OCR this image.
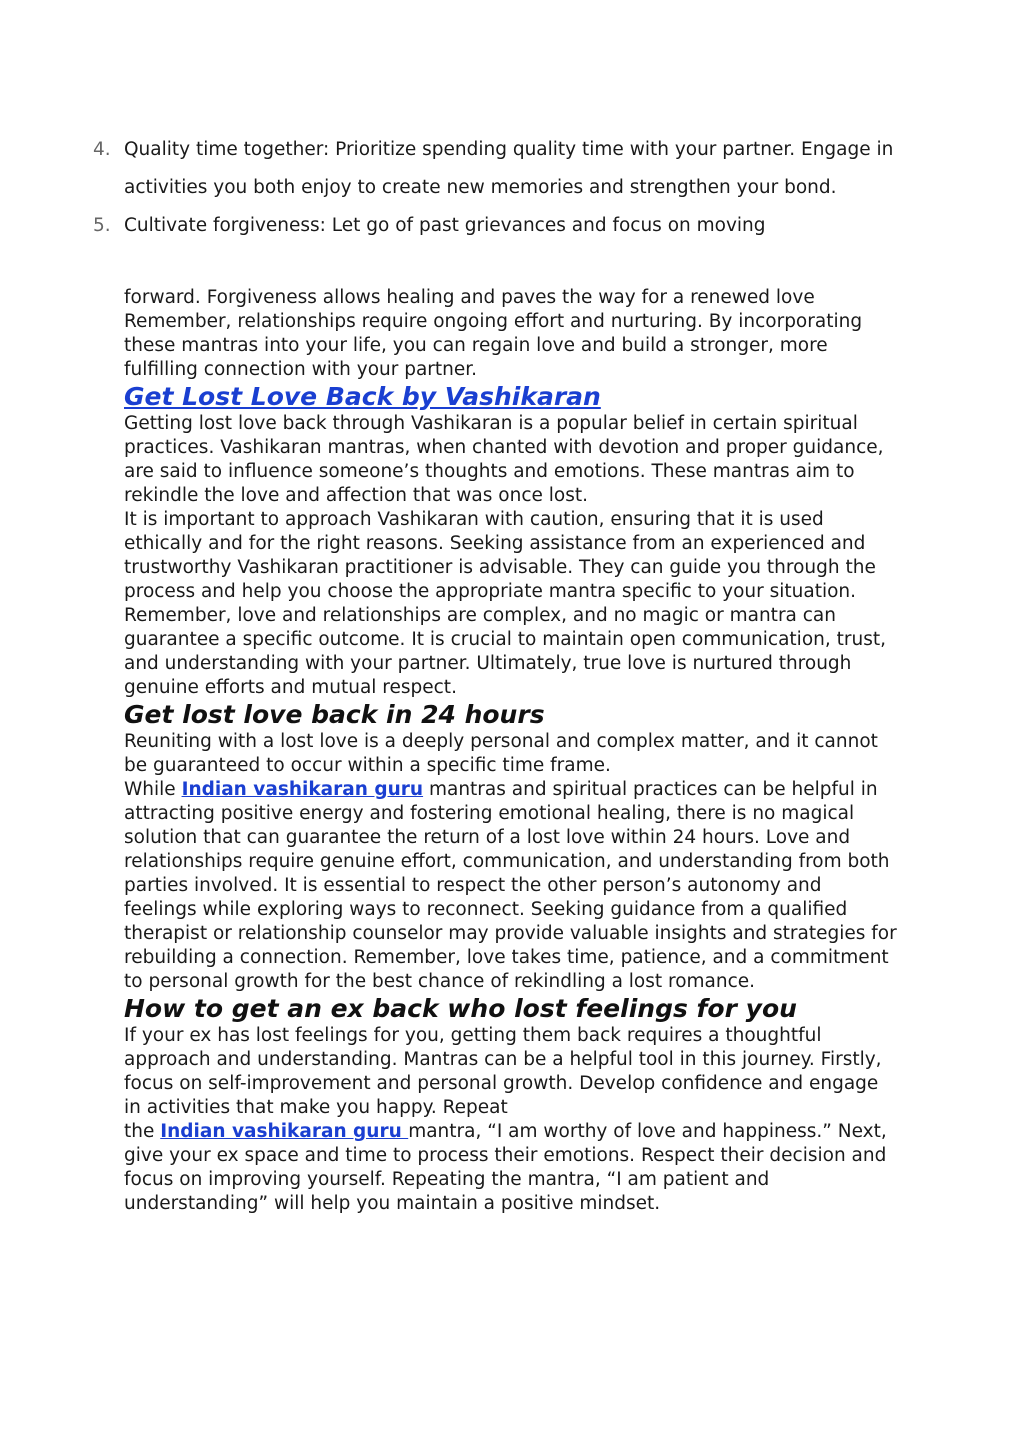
4. Quality time together: Prioritize spending quality time with your partner. Engage in activities you both enjoy to create new memories and strengthen your bond.
5. Cultivate forgiveness: Let go of past grievances and focus on moving

forward. Forgiveness allows healing and paves the way for a renewed love Remember, relationships require ongoing effort and nurturing. By incorporating these mantras into your life, you can regain love and build a stronger, more fulfilling connection with your partner.

Get Lost Love Back by Vashikaran

Getting lost love back through Vashikaran is a popular belief in certain spiritual practices. Vashikaran mantras, when chanted with devotion and proper guidance, are said to influence someone’s thoughts and emotions. These mantras aim to rekindle the love and affection that was once lost.

It is important to approach Vashikaran with caution, ensuring that it is used ethically and for the right reasons. Seeking assistance from an experienced and trustworthy Vashikaran practitioner is advisable. They can guide you through the process and help you choose the appropriate mantra specific to your situation.

Remember, love and relationships are complex, and no magic or mantra can guarantee a specific outcome. It is crucial to maintain open communication, trust, and understanding with your partner. Ultimately, true love is nurtured through genuine efforts and mutual respect.

Get lost love back in 24 hours

Reuniting with a lost love is a deeply personal and complex matter, and it cannot be guaranteed to occur within a specific time frame.

While Indian vashikaran guru mantras and spiritual practices can be helpful in attracting positive energy and fostering emotional healing, there is no magical solution that can guarantee the return of a lost love within 24 hours. Love and relationships require genuine effort, communication, and understanding from both parties involved. It is essential to respect the other person’s autonomy and feelings while exploring ways to reconnect. Seeking guidance from a qualified therapist or relationship counselor may provide valuable insights and strategies for rebuilding a connection. Remember, love takes time, patience, and a commitment to personal growth for the best chance of rekindling a lost romance.

How to get an ex back who lost feelings for you

If your ex has lost feelings for you, getting them back requires a thoughtful approach and understanding. Mantras can be a helpful tool in this journey. Firstly, focus on self-improvement and personal growth. Develop confidence and engage in activities that make you happy. Repeat

the Indian vashikaran guru mantra, “I am worthy of love and happiness.” Next, give your ex space and time to process their emotions. Respect their decision and focus on improving yourself. Repeating the mantra, “I am patient and understanding” will help you maintain a positive mindset.
